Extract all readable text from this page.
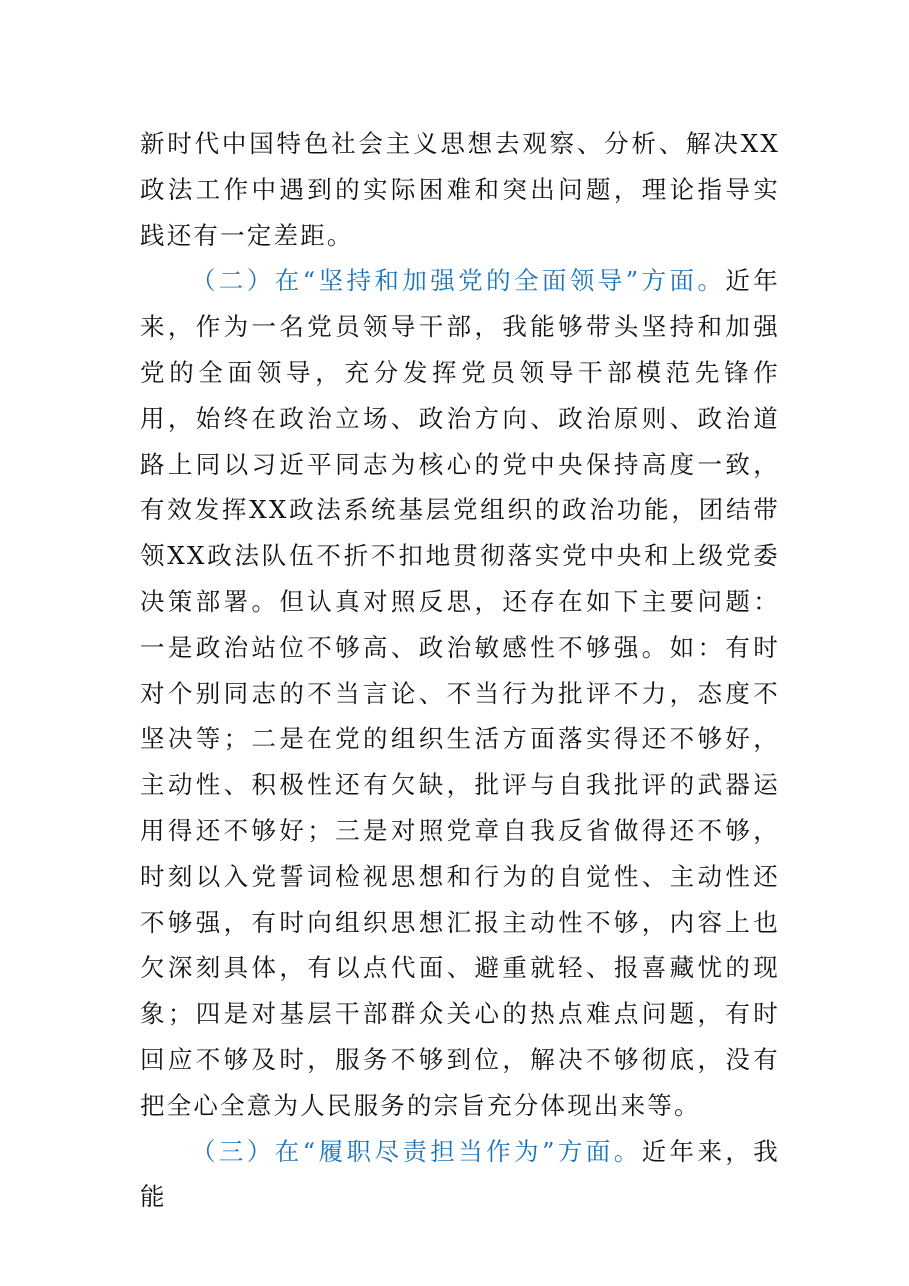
新时代中国特色社会主义思想去观察、分析、解决XX政法工作中遇到的实际困难和突出问题，理论指导实践还有一定差距。

（二）在“坚持和加强党的全面领导”方面。近年来，作为一名党员领导干部，我能够带头坚持和加强党的全面领导，充分发挥党员领导干部模范先锋作用，始终在政治立场、政治方向、政治原则、政治道路上同以习近平同志为核心的党中央保持高度一致，有效发挥XX政法系统基层党组织的政治功能，团结带领XX政法队伍不折不扣地贯彻落实党中央和上级党委决策部署。但认真对照反思，还存在如下主要问题：一是政治站位不够高、政治敏感性不够强。如：有时对个别同志的不当言论、不当行为批评不力，态度不坚决等；二是在党的组织生活方面落实得还不够好，主动性、积极性还有欠缺，批评与自我批评的武器运用得还不够好；三是对照党章自我反省做得还不够，时刻以入党誓词检视思想和行为的自觉性、主动性还不够强，有时向组织思想汇报主动性不够，内容上也欠深刻具体，有以点代面、避重就轻、报喜藏忧的现象；四是对基层干部群众关心的热点难点问题，有时回应不够及时，服务不够到位，解决不够彻底，没有把全心全意为人民服务的宗旨充分体现出来等。

（三）在“履职尽责担当作为”方面。近年来，我能
